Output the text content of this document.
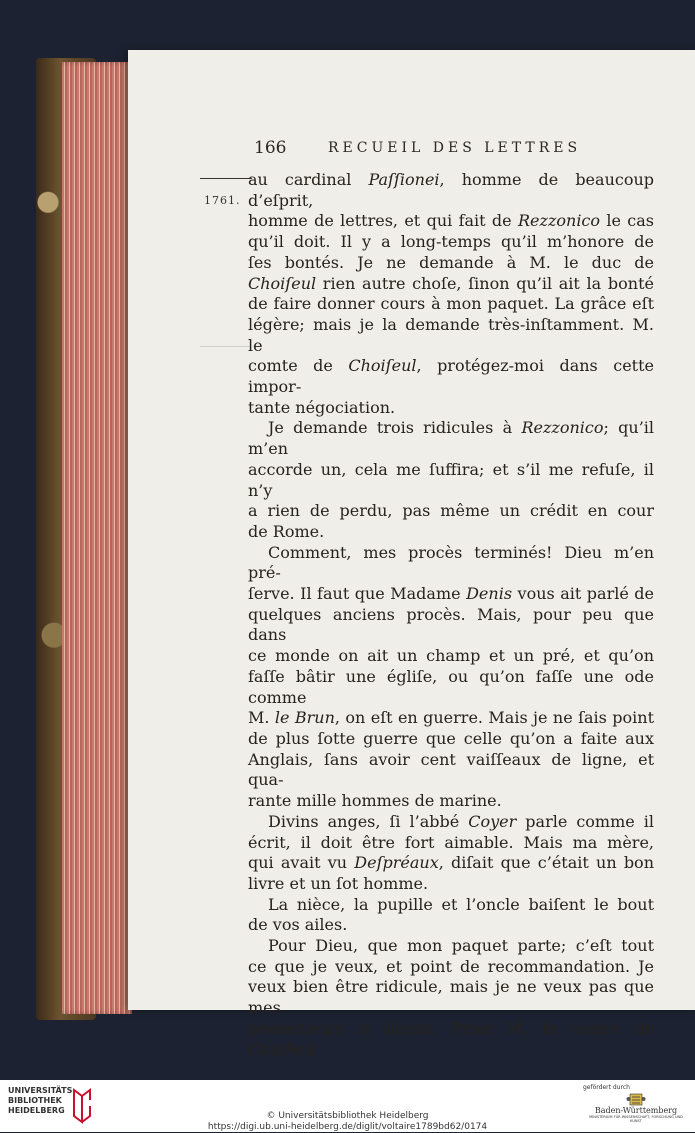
166	RECUEIL DES LETTRES
1761.

au cardinal Paſſionei, homme de beaucoup d’eſprit,

homme de lettres, et qui fait de Rezzonico le cas

qu’il doit. Il y a long-temps qu’il m’honore de

ſes bontés. Je ne demande à M. le duc de

Choiſeul rien autre choſe, ſinon qu’il ait la bonté

de faire donner cours à mon paquet. La grâce eſt

légère; mais je la demande très-inſtamment. M. le

comte de Choiſeul, protégez-moi dans cette impor-

tante négociation.

Je demande trois ridicules à Rezzonico; qu’il m’en

accorde un, cela me ſuffira; et s’il me refuſe, il n’y

a rien de perdu, pas même un crédit en cour

de Rome.

Comment, mes procès terminés! Dieu m’en pré-

ſerve. Il faut que Madame Denis vous ait parlé de

quelques anciens procès. Mais, pour peu que dans

ce monde on ait un champ et un pré, et qu’on

faſſe bâtir une égliſe, ou qu’on faſſe une ode comme

M. le Brun, on eſt en guerre. Mais je ne ſais point

de plus ſotte guerre que celle qu’on a faite aux

Anglais, ſans avoir cent vaiſſeaux de ligne, et qua-

rante mille hommes de marine.

Divins anges, ſi l’abbé Coyer parle comme il

écrit, il doit être fort aimable. Mais ma mère,

qui avait vu Deſpréaux, diſait que c’était un bon

livre et un ſot homme.

La nièce, la pupille et l’oncle baiſent le bout

de vos ailes.

Pour Dieu, que mon paquet parte; c’eſt tout

ce que je veux, et point de recommandation. Je

veux bien être ridicule, mais je ne veux pas que mes

protecteurs le ſoient. Priez M. le comte de Choiſeul

UNIVERSITÄTS-
BIBLIOTHEK
HEIDELBERG
© Universitätsbibliothek Heidelberg
https://digi.ub.uni-heidelberg.de/diglit/voltaire1789bd62/0174
gefördert durch
Baden-Württemberg
MINISTERIUM FÜR WISSENSCHAFT, FORSCHUNG UND KUNST
